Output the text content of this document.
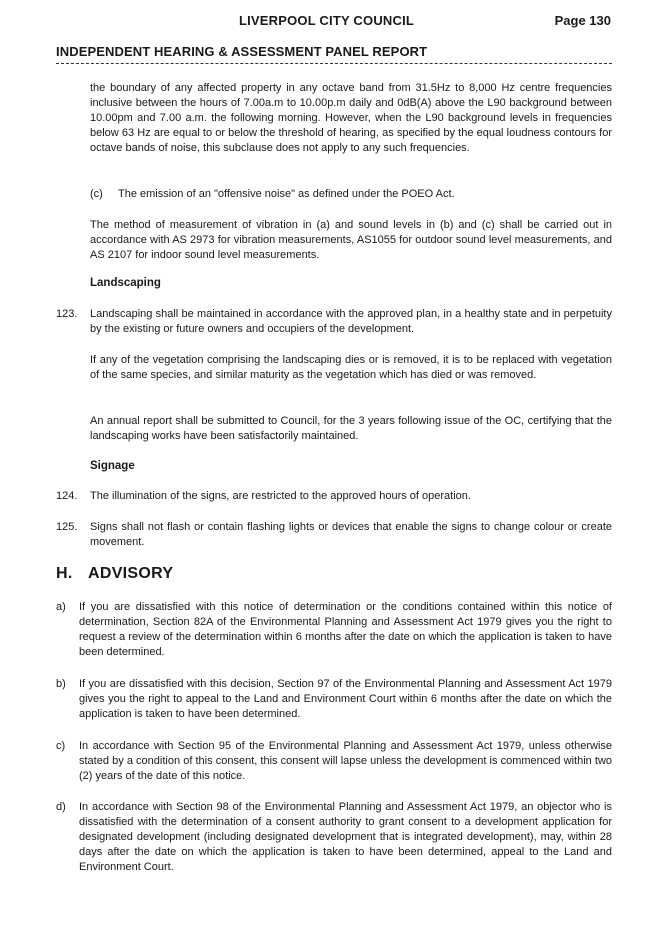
LIVERPOOL CITY COUNCIL	Page 130
INDEPENDENT HEARING & ASSESSMENT PANEL REPORT

the boundary of any affected property in any octave band from 31.5Hz to 8,000 Hz centre frequencies inclusive between the hours of 7.00a.m to 10.00p.m daily and 0dB(A) above the L90 background between 10.00pm and 7.00 a.m. the following morning. However, when the L90 background levels in frequencies below 63 Hz are equal to or below the threshold of hearing, as specified by the equal loudness contours for octave bands of noise, this subclause does not apply to any such frequencies.

(c) The emission of an "offensive noise" as defined under the POEO Act.

The method of measurement of vibration in (a) and sound levels in (b) and (c) shall be carried out in accordance with AS 2973 for vibration measurements, AS1055 for outdoor sound level measurements, and AS 2107 for indoor sound level measurements.

Landscaping
123. Landscaping shall be maintained in accordance with the approved plan, in a healthy state and in perpetuity by the existing or future owners and occupiers of the development.

If any of the vegetation comprising the landscaping dies or is removed, it is to be replaced with vegetation of the same species, and similar maturity as the vegetation which has died or was removed.

An annual report shall be submitted to Council, for the 3 years following issue of the OC, certifying that the landscaping works have been satisfactorily maintained.

Signage
124. The illumination of the signs, are restricted to the approved hours of operation.

125. Signs shall not flash or contain flashing lights or devices that enable the signs to change colour or create movement.

H. ADVISORY
a) If you are dissatisfied with this notice of determination or the conditions contained within this notice of determination, Section 82A of the Environmental Planning and Assessment Act 1979 gives you the right to request a review of the determination within 6 months after the date on which the application is taken to have been determined.

b) If you are dissatisfied with this decision, Section 97 of the Environmental Planning and Assessment Act 1979 gives you the right to appeal to the Land and Environment Court within 6 months after the date on which the application is taken to have been determined.

c) In accordance with Section 95 of the Environmental Planning and Assessment Act 1979, unless otherwise stated by a condition of this consent, this consent will lapse unless the development is commenced within two (2) years of the date of this notice.

d) In accordance with Section 98 of the Environmental Planning and Assessment Act 1979, an objector who is dissatisfied with the determination of a consent authority to grant consent to a development application for designated development (including designated development that is integrated development), may, within 28 days after the date on which the application is taken to have been determined, appeal to the Land and Environment Court.
